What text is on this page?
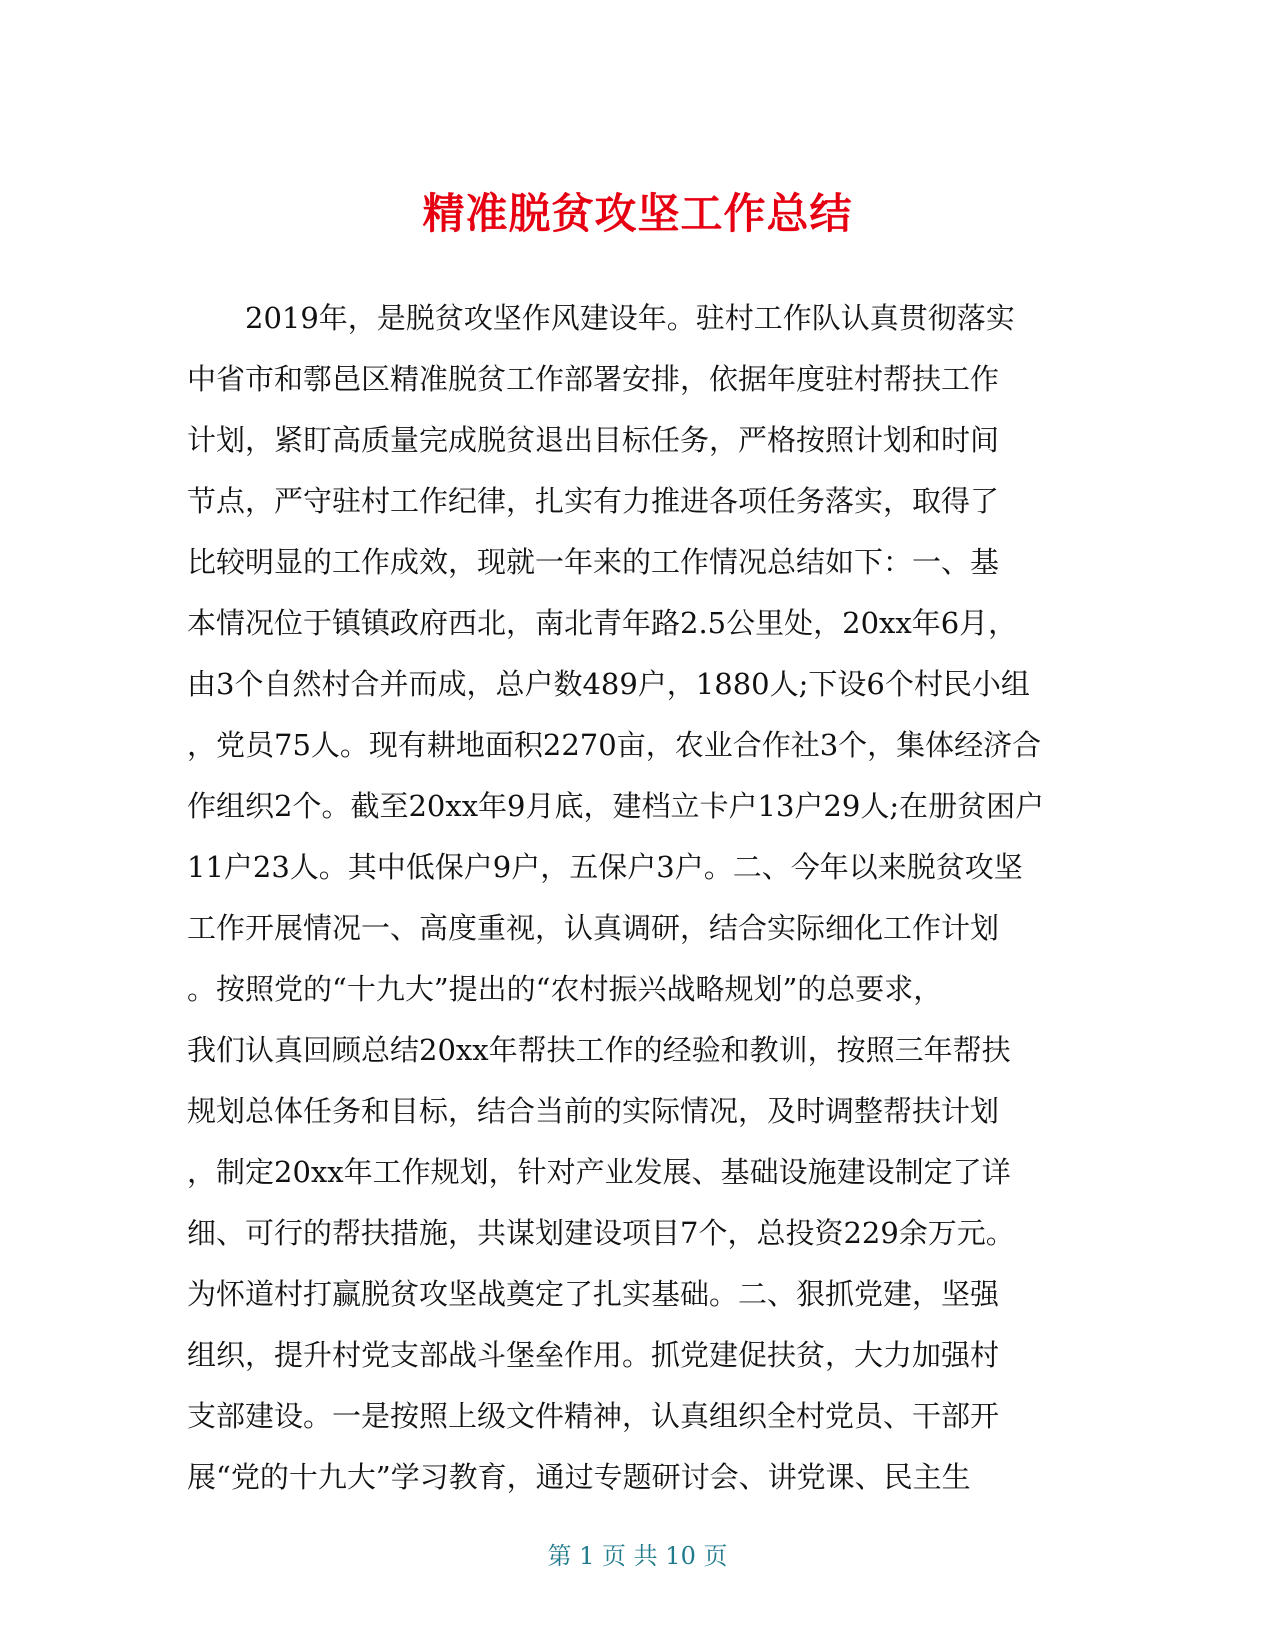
精准脱贫攻坚工作总结
2019年，是脱贫攻坚作风建设年。驻村工作队认真贯彻落实
中省市和鄠邑区精准脱贫工作部署安排，依据年度驻村帮扶工作
计划，紧盯高质量完成脱贫退出目标任务，严格按照计划和时间
节点，严守驻村工作纪律，扎实有力推进各项任务落实，取得了
比较明显的工作成效，现就一年来的工作情况总结如下：一、基
本情况位于镇镇政府西北，南北青年路2.5公里处，20xx年6月，
由3个自然村合并而成，总户数489户，1880人;下设6个村民小组
，党员75人。现有耕地面积2270亩，农业合作社3个，集体经济合
作组织2个。截至20xx年9月底，建档立卡户13户29人;在册贫困户
11户23人。其中低保户9户，五保户3户。二、今年以来脱贫攻坚
工作开展情况一、高度重视，认真调研，结合实际细化工作计划
。按照党的“十九大”提出的“农村振兴战略规划”的总要求，
我们认真回顾总结20xx年帮扶工作的经验和教训，按照三年帮扶
规划总体任务和目标，结合当前的实际情况，及时调整帮扶计划
，制定20xx年工作规划，针对产业发展、基础设施建设制定了详
细、可行的帮扶措施，共谋划建设项目7个，总投资229余万元。
为怀道村打赢脱贫攻坚战奠定了扎实基础。二、狠抓党建，坚强
组织，提升村党支部战斗堡垒作用。抓党建促扶贫，大力加强村
支部建设。一是按照上级文件精神，认真组织全村党员、干部开
展“党的十九大”学习教育，通过专题研讨会、讲党课、民主生
第 1 页 共 10 页
